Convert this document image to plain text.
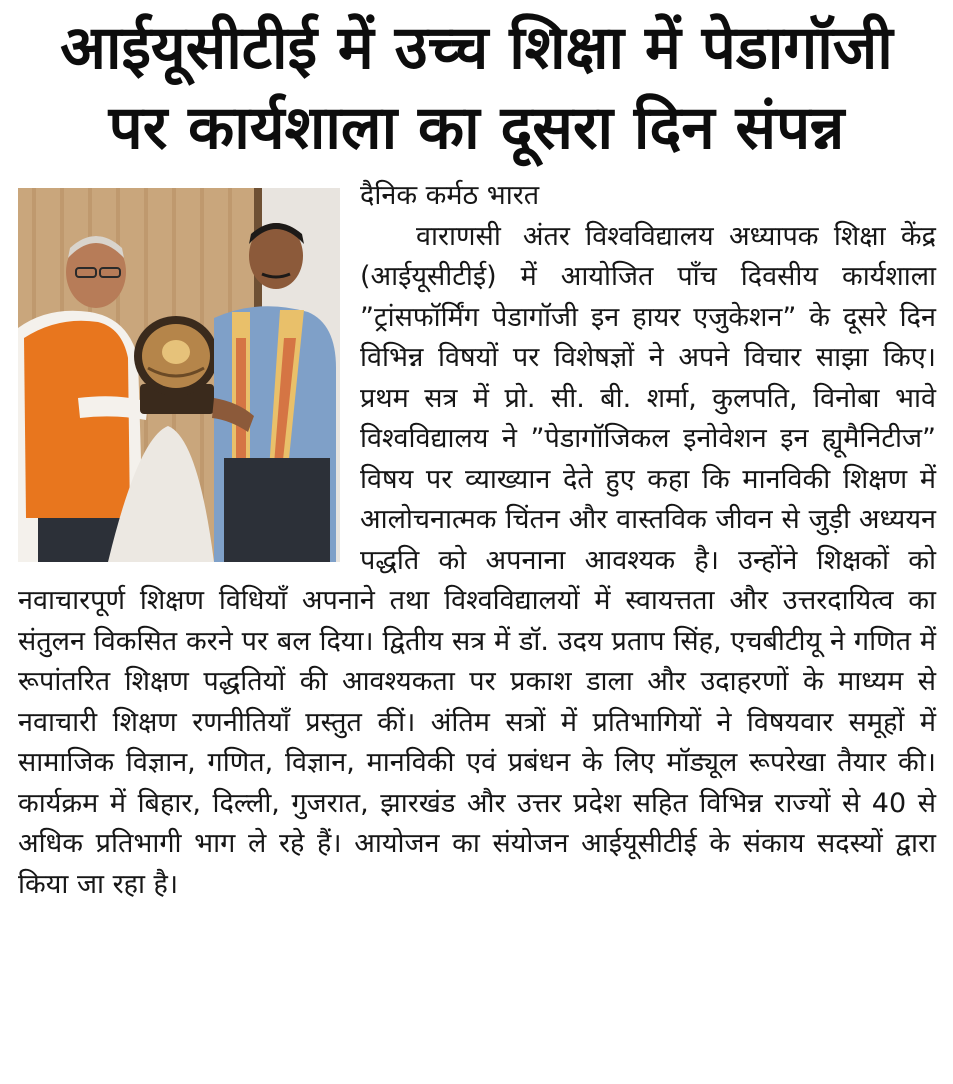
आईयूसीटीई में उच्च शिक्षा में पेडागॉजी
पर कार्यशाला का दूसरा दिन संपन्न
दैनिक कर्मठ भारत

वाराणसी अंतर विश्वविद्यालय अध्यापक शिक्षा केंद्र (आईयूसीटीई) में आयोजित पाँच दिवसीय कार्यशाला ”ट्रांसफॉर्मिंग पेडागॉजी इन हायर एजुकेशन” के दूसरे दिन विभिन्न विषयों पर विशेषज्ञों ने अपने विचार साझा किए। प्रथम सत्र में प्रो. सी. बी. शर्मा, कुलपति, विनोबा भावे विश्वविद्यालय ने ”पेडागॉजिकल इनोवेशन इन ह्यूमैनिटीज” विषय पर व्याख्यान देते हुए कहा कि मानविकी शिक्षण में आलोचनात्मक चिंतन और वास्तविक जीवन से जुड़ी अध्ययन पद्धति को अपनाना आवश्यक है। उन्होंने शिक्षकों को नवाचारपूर्ण शिक्षण विधियाँ अपनाने तथा विश्वविद्यालयों में स्वायत्तता और उत्तरदायित्व का संतुलन विकसित करने पर बल दिया। द्वितीय सत्र में डॉ. उदय प्रताप सिंह, एचबीटीयू ने गणित में रूपांतरित शिक्षण पद्धतियों की आवश्यकता पर प्रकाश डाला और उदाहरणों के माध्यम से नवाचारी शिक्षण रणनीतियाँ प्रस्तुत कीं। अंतिम सत्रों में प्रतिभागियों ने विषयवार समूहों में सामाजिक विज्ञान, गणित, विज्ञान, मानविकी एवं प्रबंधन के लिए मॉड्यूल रूपरेखा तैयार की। कार्यक्रम में बिहार, दिल्ली, गुजरात, झारखंड और उत्तर प्रदेश सहित विभिन्न राज्यों से 40 से अधिक प्रतिभागी भाग ले रहे हैं। आयोजन का संयोजन आईयूसीटीई के संकाय सदस्यों द्वारा किया जा रहा है।
